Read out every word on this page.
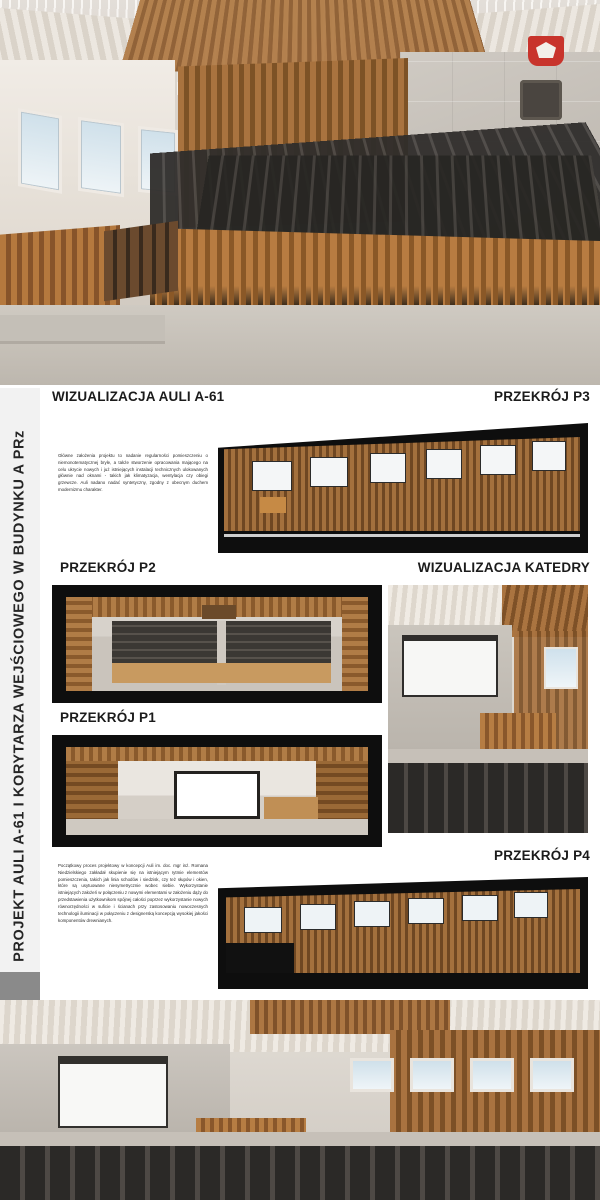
PROJEKT AULI A-61 I KORYTARZA WEJŚCIOWEGO W BUDYNKU A PRz
WIZUALIZACJA AULI A-61	PRZEKRÓJ P3
PRZEKRÓJ P2	WIZUALIZACJA KATEDRY
PRZEKRÓJ P1
PRZEKRÓJ P4
Główne założenia projektu to nadanie regularności pomieszczeniu o niemonotematycznej bryle, a także stworzenie opracowania mającego na celu ukrycie nowych i już istniejących instalacji technicznych ulokowanych głównie nad oknami - takich jak klimatyzacja, wentylacja czy obiegi grzewcze. Auli nadano nadać syntetyczny, zgodny z obecnym duchem modernizmu charakter.
Początkowy proces projektowy w koncepcji Auli im. doc. mgr inż. Romana Niedzielskiego zakładał skupienie się na istniejącym rytmie elementów pomieszczenia, takich jak linia schodów i siedzisk, czy też słupów i okien, które są usytuowane niesymetrycznie wobec siebie. Wykorzystanie istniejących założeń w połączeniu z nowymi elementami w założeniu dąży do przedstawienia użytkownikom spójnej całości poprzez wykorzystanie nowych równorzędności w suficie i ścianach przy zastosowaniu nowoczesnych technologii iluminacji w połączeniu z designerską koncepcją wysokiej jakości komponentów drewnianych.
